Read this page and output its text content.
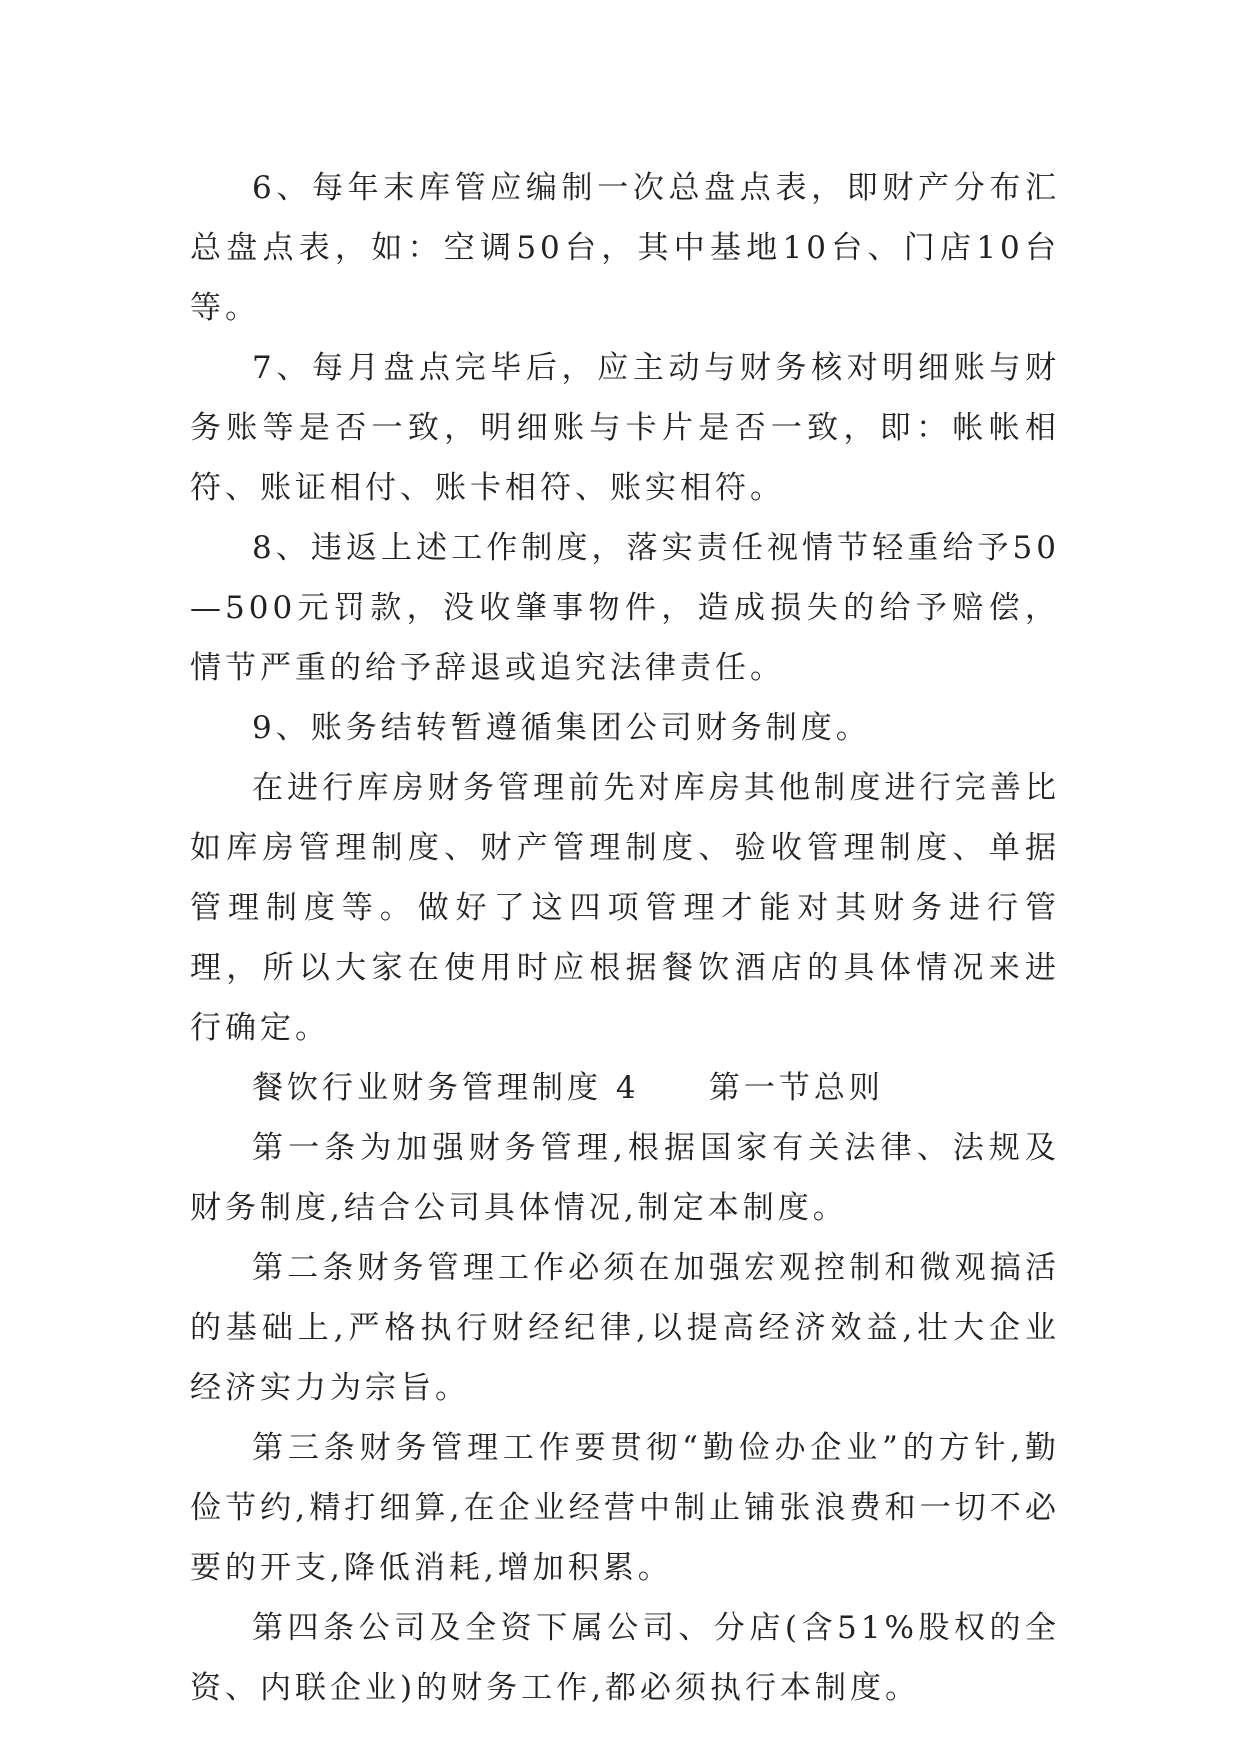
6、每年末库管应编制一次总盘点表，即财产分布汇总盘点表，如：空调50台，其中基地10台、门店10台等。

7、每月盘点完毕后，应主动与财务核对明细账与财务账等是否一致，明细账与卡片是否一致，即：帐帐相符、账证相付、账卡相符、账实相符。

8、违返上述工作制度，落实责任视情节轻重给予50—500元罚款，没收肇事物件，造成损失的给予赔偿，情节严重的给予辞退或追究法律责任。

9、账务结转暂遵循集团公司财务制度。

在进行库房财务管理前先对库房其他制度进行完善比如库房管理制度、财产管理制度、验收管理制度、单据管理制度等。做好了这四项管理才能对其财务进行管理，所以大家在使用时应根据餐饮酒店的具体情况来进行确定。

餐饮行业财务管理制度 4     第一节总则

第一条为加强财务管理,根据国家有关法律、法规及财务制度,结合公司具体情况,制定本制度。

第二条财务管理工作必须在加强宏观控制和微观搞活的基础上,严格执行财经纪律,以提高经济效益,壮大企业经济实力为宗旨。

第三条财务管理工作要贯彻“勤俭办企业”的方针,勤俭节约,精打细算,在企业经营中制止铺张浪费和一切不必要的开支,降低消耗,增加积累。

第四条公司及全资下属公司、分店(含51%股权的全资、内联企业)的财务工作,都必须执行本制度。
